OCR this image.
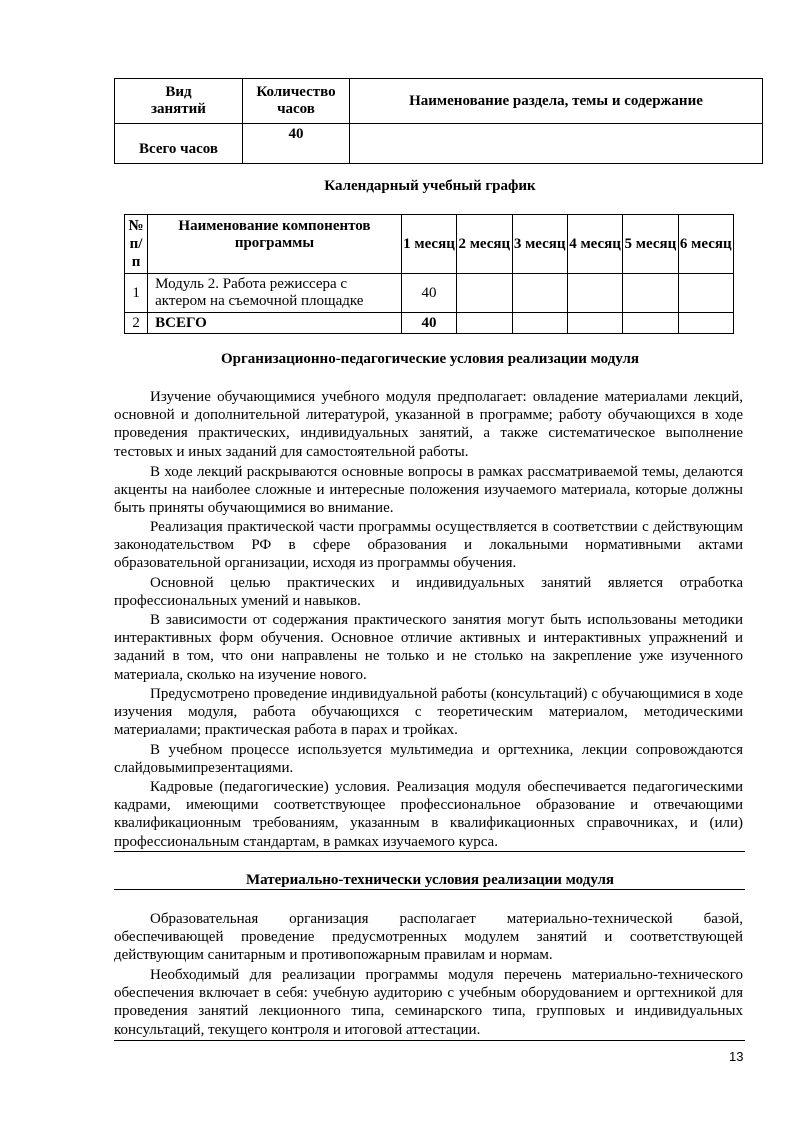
Вид занятий	Количество часов	Наименование раздела, темы и содержание
Всего часов	40	
Календарный учебный график
№ п/ п	Наименование компонентов программы	1 месяц	2 месяц	3 месяц	4 месяц	5 месяц	6 месяц
1	Модуль 2. Работа режиссера с актером на съемочной площадке	40					
2	ВСЕГО	40					
Организационно-педагогические условия реализации модуля

Изучение обучающимися учебного модуля предполагает: овладение материалами лекций, основной и дополнительной литературой, указанной в программе; работу обучающихся в ходе проведения практических, индивидуальных занятий, а также систематическое выполнение тестовых и иных заданий для самостоятельной работы.

В ходе лекций раскрываются основные вопросы в рамках рассматриваемой темы, делаются акценты на наиболее сложные и интересные положения изучаемого материала, которые должны быть приняты обучающимися во внимание.

Реализация практической части программы осуществляется в соответствии с действующим законодательством РФ в сфере образования и локальными нормативными актами образовательной организации, исходя из программы обучения.

Основной целью практических и индивидуальных занятий является отработка профессиональных умений и навыков.

В зависимости от содержания практического занятия могут быть использованы методики интерактивных форм обучения. Основное отличие активных и интерактивных упражнений и заданий в том, что они направлены не только и не столько на закрепление уже изученного материала, сколько на изучение нового.

Предусмотрено проведение индивидуальной работы (консультаций) с обучающимися в ходе изучения модуля, работа обучающихся с теоретическим материалом, методическими материалами; практическая работа в парах и тройках.

В учебном процессе используется мультимедиа и оргтехника, лекции сопровождаются слайдовымипрезентациями.

Кадровые (педагогические) условия. Реализация модуля обеспечивается педагогическими кадрами, имеющими соответствующее профессиональное образование и отвечающими квалификационным требованиям, указанным в квалификационных справочниках, и (или) профессиональным стандартам, в рамках изучаемого курса.

Материально-технически условия реализации модуля

Образовательная организация располагает материально-технической базой, обеспечивающей проведение предусмотренных модулем занятий и соответствующей действующим санитарным и противопожарным правилам и нормам.

Необходимый для реализации программы модуля перечень материально-технического обеспечения включает в себя: учебную аудиторию с учебным оборудованием и оргтехникой для проведения занятий лекционного типа, семинарского типа, групповых и индивидуальных консультаций, текущего контроля и итоговой аттестации.

13
